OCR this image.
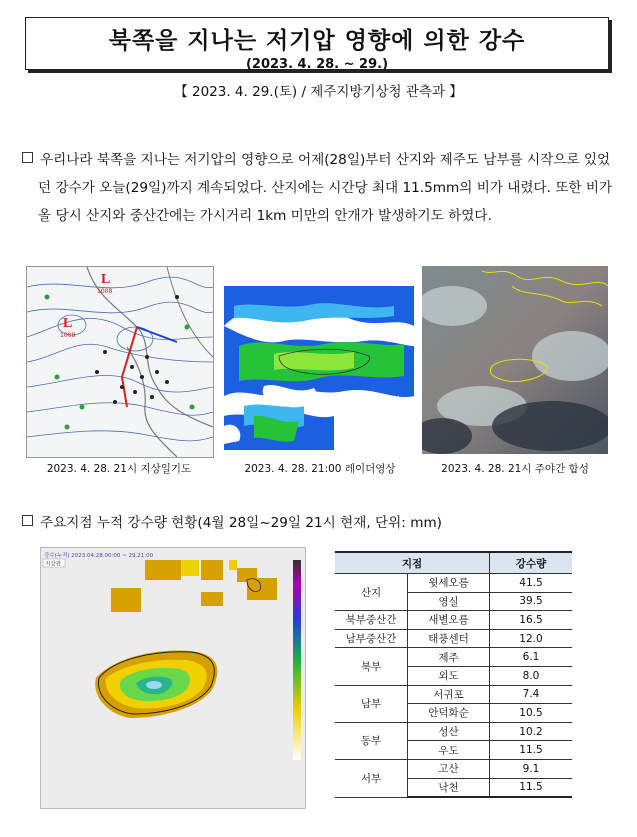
북쪽을 지나는 저기압 영향에 의한 강수
(2023. 4. 28. ~ 29.)
【 2023. 4. 29.(토) / 제주지방기상청 관측과 】
우리나라 북쪽을 지나는 저기압의 영향으로 어제(28일)부터 산지와 제주도 남부를 시작으로 있었던 강수가 오늘(29일)까지 계속되었다. 산지에는 시간당 최대 11.5mm의 비가 내렸다. 또한 비가 올 당시 산지와 중산간에는 가시거리 1km 미만의 안개가 발생하기도 하였다.
L
1008
L
1008
2023. 4. 28. 21시 지상일기도	2023. 4. 28. 21:00 레이더영상	2023. 4. 28. 21시 주야간 합성
주요지점 누적 강수량 현황(4월 28일~29일 21시 현재, 단위: mm)
강수(누적) 2023.04.28.00:00 ~ 29.21:00
지상관	지점		강수량
산지	윗세오름	41.5
	영실	39.5
북부중산간	새별오름	16.5
남부중산간	태풍센터	12.0
북부	제주	6.1
	외도	8.0
남부	서귀포	7.4
	안덕화순	10.5
동부	성산	10.2
	우도	11.5
서부	고산	9.1
	낙천	11.5
